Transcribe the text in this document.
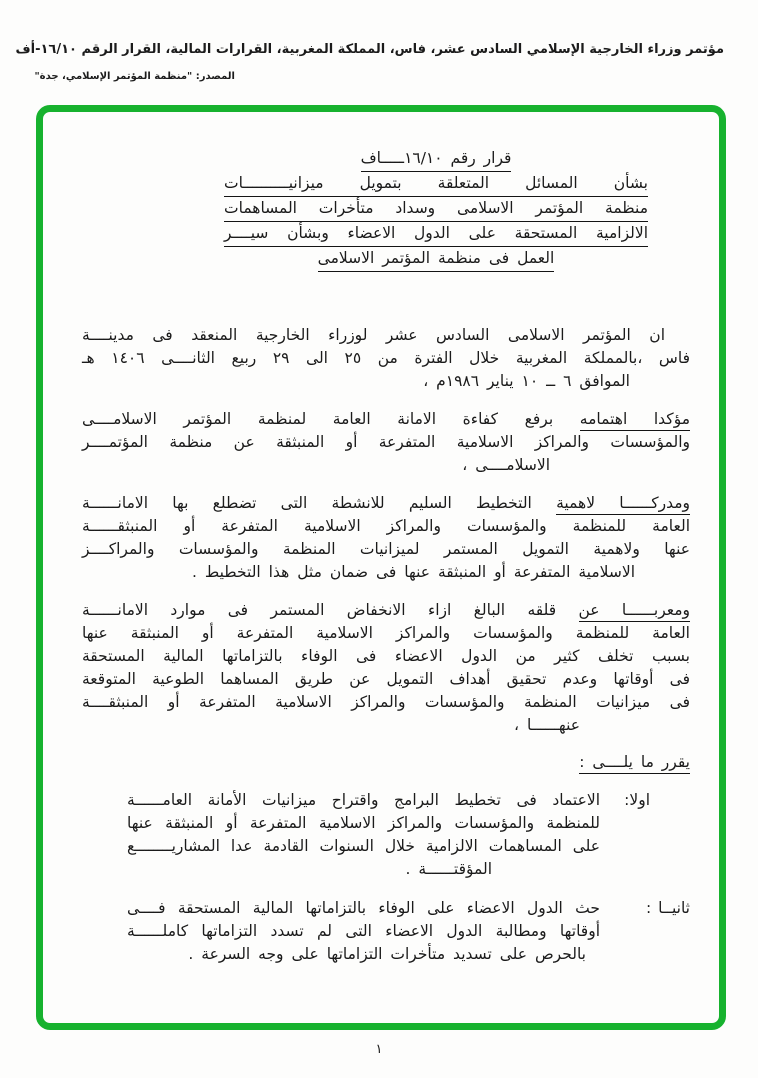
مؤتمر وزراء الخارجية الإسلامي السادس عشر، فاس، المملكة المغربية، القرارات المالية، القرار الرقم ١٦/١٠-أف
المصدر: "منظمة المؤتمر الإسلامي، جدة"
قرار رقم ١٦/١٠ـــــاف
بشأن المسائل المتعلقة بتمويل ميزانيــــــــــات
منظمة المؤتمر الاسلامى وسداد متأخرات المساهمات
الالزامية المستحقة على الدول الاعضاء وبشأن سيــــر
العمل فى منظمة المؤتمر الاسلامى
ان المؤتمر الاسلامى السادس عشر لوزراء الخارجية المنعقد فى مدينــــة
فاس ،بالمملكة المغربية خلال الفترة من ٢٥ الى ٢٩ ربيع الثانــــى ١٤٠٦ هـ
الموافق ٦ ــ ١٠ يناير ١٩٨٦م ،
مؤكدا اهتمامه برفع كفاءة الامانة العامة لمنظمة المؤتمر الاسلامــــى
والمؤسسات والمراكز الاسلامية المتفرعة أو المنبثقة عن منظمة المؤتمــــر
الاسلامــــى ،
ومدركــــــا لاهمية التخطيط السليم للانشطة التى تضطلع بها الامانــــــة
العامة للمنظمة والمؤسسات والمراكز الاسلامية المتفرعة أو المنبثقــــــة
عنها ولاهمية التمويل المستمر لميزانيات المنظمة والمؤسسات والمراكــــز
الاسلامية المتفرعة أو المنبثقة عنها فى ضمان مثل هذا التخطيط .
ومعربــــــا عن قلقه البالغ ازاء الانخفاض المستمر فى موارد الامانــــــة
العامة للمنظمة والمؤسسات والمراكز الاسلامية المتفرعة أو المنبثقة عنها
بسبب تخلف كثير من الدول الاعضاء فى الوفاء بالتزاماتها المالية المستحقة
فى أوقاتها وعدم تحقيق أهداف التمويل عن طريق المساهما الطوعية المتوقعة
فى ميزانيات المنظمة والمؤسسات والمراكز الاسلامية المتفرعة أو المنبثقــــة
عنهــــــا ،
يقرر ما يلــــى :
اولا:
الاعتماد فى تخطيط البرامج واقتراح ميزانيات الأمانة العامــــــة
للمنظمة والمؤسسات والمراكز الاسلامية المتفرعة أو المنبثقة عنها
على المساهمات الالزامية خلال السنوات القادمة عدا المشاريــــــــع
المؤقتــــــة .
ثانيــا :
حث الدول الاعضاء على الوفاء بالتزاماتها المالية المستحقة فــــى
أوقاتها ومطالبة الدول الاعضاء التى لم تسدد التزاماتها كاملــــــة
بالحرص على تسديد متأخرات التزاماتها على وجه السرعة .
١
